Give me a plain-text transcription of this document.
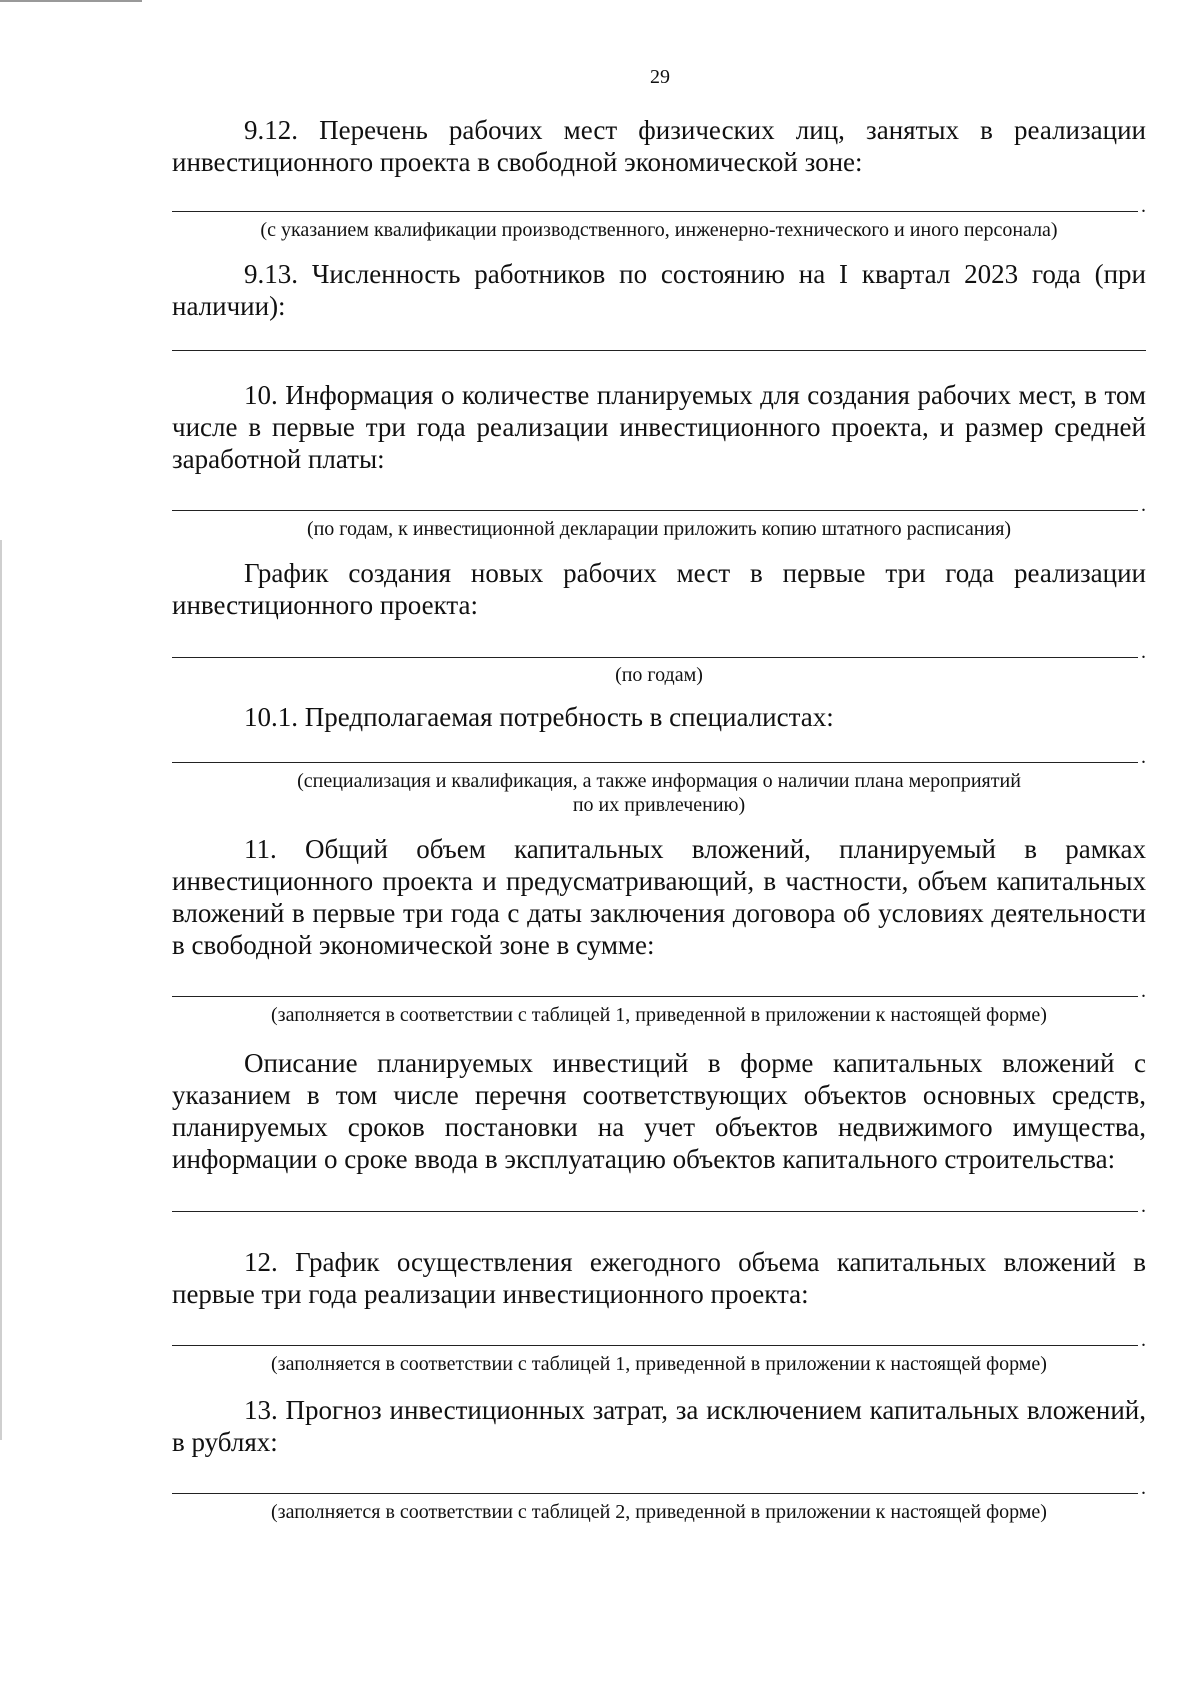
29

9.12. Перечень рабочих мест физических лиц, занятых в реализации инвестиционного проекта в свободной экономической зоне:

.

(с указанием квалификации производственного, инженерно-технического и иного персонала)

9.13. Численность работников по состоянию на I квартал 2023 года (при наличии):

10. Информация о количестве планируемых для создания рабочих мест, в том числе в первые три года реализации инвестиционного проекта, и размер средней заработной платы:

.

(по годам, к инвестиционной декларации приложить копию штатного расписания)

График создания новых рабочих мест в первые три года реализации инвестиционного проекта:

.

(по годам)

10.1. Предполагаемая потребность в специалистах:

.

(специализация и квалификация, а также информация о наличии плана мероприятий

по их привлечению)

11. Общий объем капитальных вложений, планируемый в рамках инвестиционного проекта и предусматривающий, в частности, объем капитальных вложений в первые три года с даты заключения договора об условиях деятельности в свободной экономической зоне в сумме:

.

(заполняется в соответствии с таблицей 1, приведенной в приложении к настоящей форме)

Описание планируемых инвестиций в форме капитальных вложений с указанием в том числе перечня соответствующих объектов основных средств, планируемых сроков постановки на учет объектов недвижимого имущества, информации о сроке ввода в эксплуатацию объектов капитального строительства:

.

12. График осуществления ежегодного объема капитальных вложений в первые три года реализации инвестиционного проекта:

.

(заполняется в соответствии с таблицей 1, приведенной в приложении к настоящей форме)

13. Прогноз инвестиционных затрат, за исключением капитальных вложений, в рублях:

.

(заполняется в соответствии с таблицей 2, приведенной в приложении к настоящей форме)
